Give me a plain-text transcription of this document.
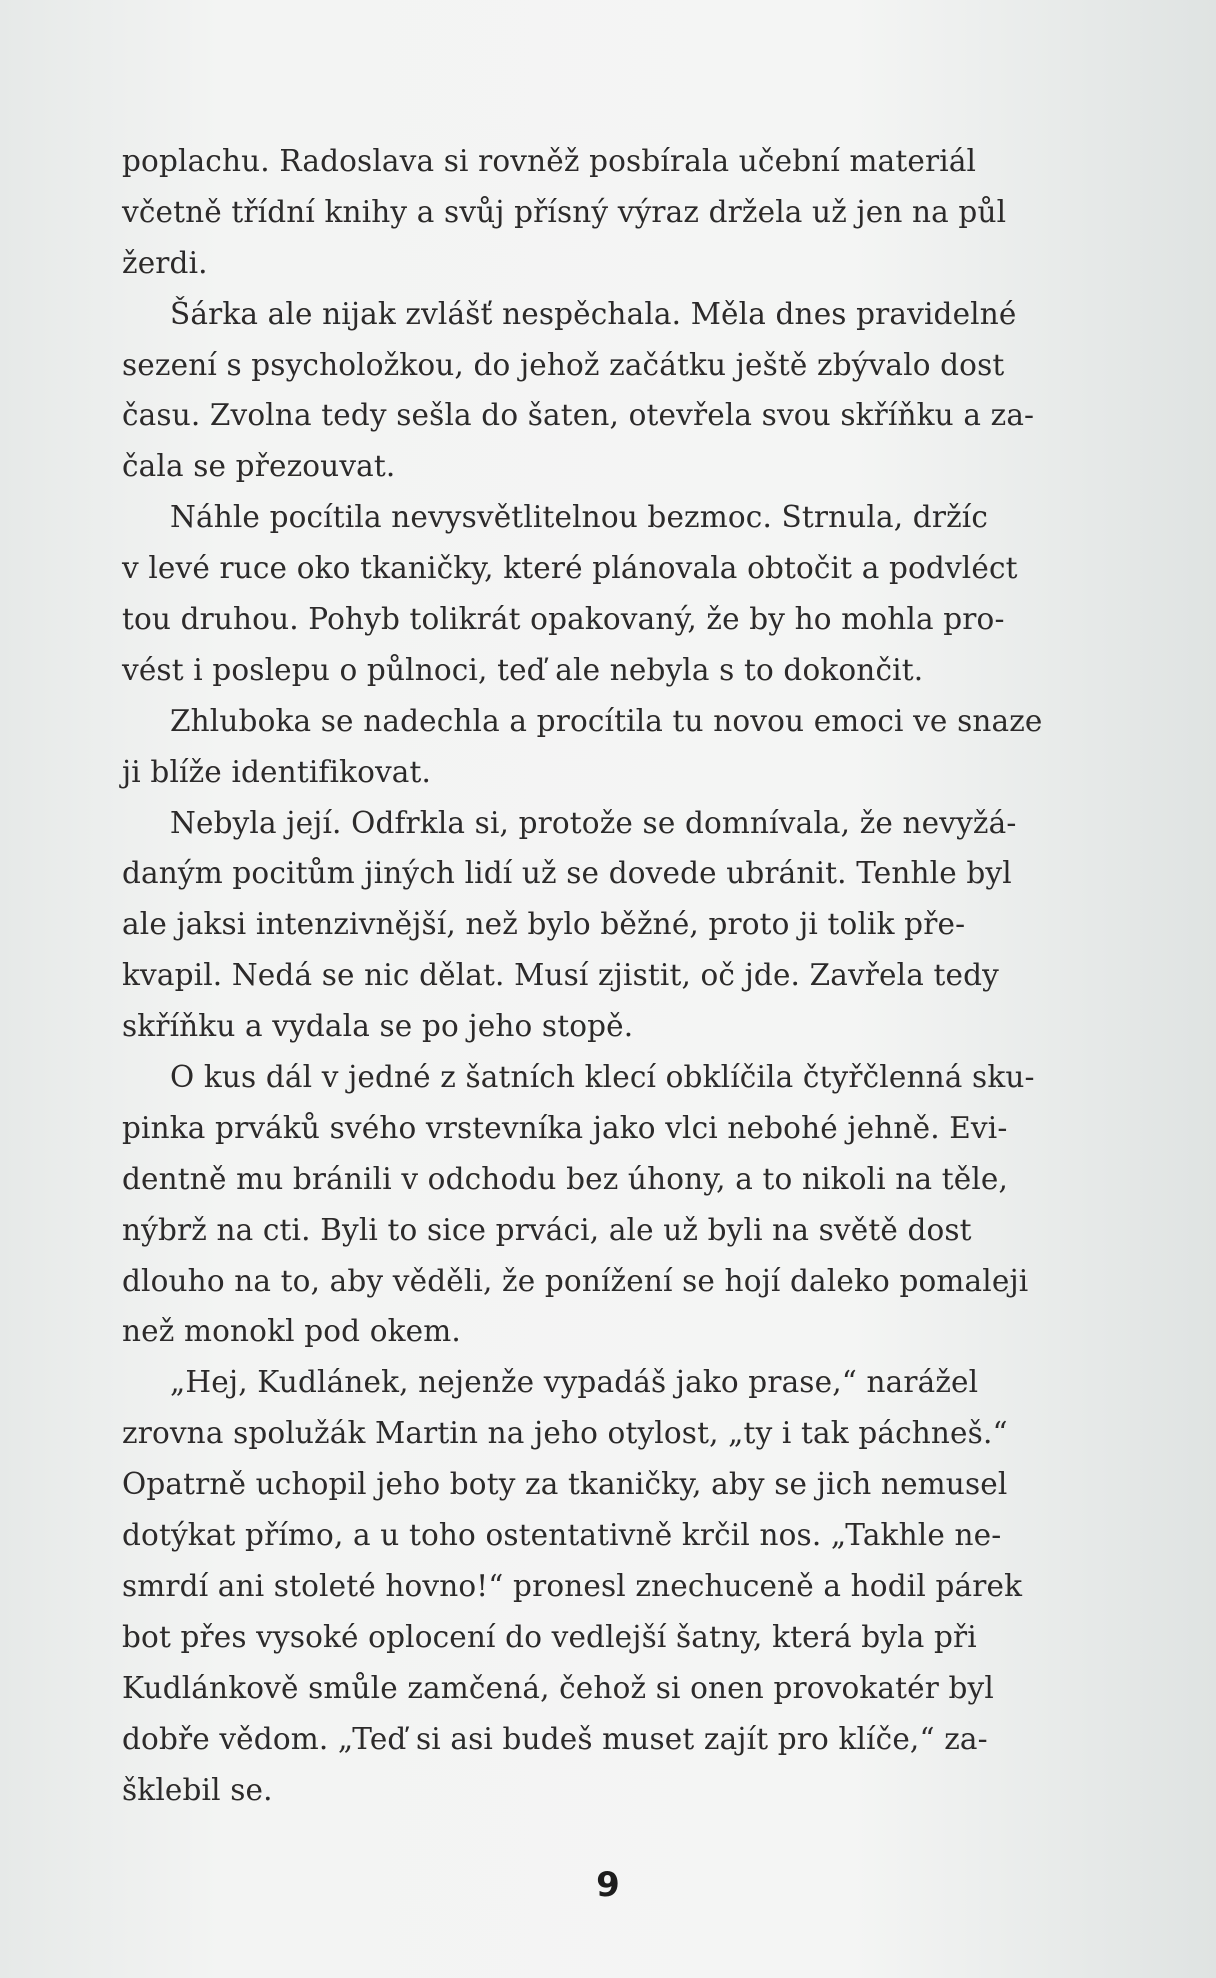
poplachu. Radoslava si rovněž posbírala učební materiál
včetně třídní knihy a svůj přísný výraz držela už jen na půl
žerdi.
Šárka ale nijak zvlášť nespěchala. Měla dnes pravidelné
sezení s psycholožkou, do jehož začátku ještě zbývalo dost
času. Zvolna tedy sešla do šaten, otevřela svou skříňku a za-
čala se přezouvat.
Náhle pocítila nevysvětlitelnou bezmoc. Strnula, držíc
v levé ruce oko tkaničky, které plánovala obtočit a podvléct
tou druhou. Pohyb tolikrát opakovaný, že by ho mohla pro-
vést i poslepu o půlnoci, teď ale nebyla s to dokončit.
Zhluboka se nadechla a procítila tu novou emoci ve snaze
ji blíže identifikovat.
Nebyla její. Odfrkla si, protože se domnívala, že nevyžá-
daným pocitům jiných lidí už se dovede ubránit. Tenhle byl
ale jaksi intenzivnější, než bylo běžné, proto ji tolik pře-
kvapil. Nedá se nic dělat. Musí zjistit, oč jde. Zavřela tedy
skříňku a vydala se po jeho stopě.
O kus dál v jedné z šatních klecí obklíčila čtyřčlenná sku-
pinka prváků svého vrstevníka jako vlci nebohé jehně. Evi-
dentně mu bránili v odchodu bez úhony, a to nikoli na těle,
nýbrž na cti. Byli to sice prváci, ale už byli na světě dost
dlouho na to, aby věděli, že ponížení se hojí daleko pomaleji
než monokl pod okem.
„Hej, Kudlánek, nejenže vypadáš jako prase,“ narážel
zrovna spolužák Martin na jeho otylost, „ty i tak páchneš.“
Opatrně uchopil jeho boty za tkaničky, aby se jich nemusel
dotýkat přímo, a u toho ostentativně krčil nos. „Takhle ne-
smrdí ani stoleté hovno!“ pronesl znechuceně a hodil párek
bot přes vysoké oplocení do vedlejší šatny, která byla při
Kudlánkově smůle zamčená, čehož si onen provokatér byl
dobře vědom. „Teď si asi budeš muset zajít pro klíče,“ za-
šklebil se.
9
